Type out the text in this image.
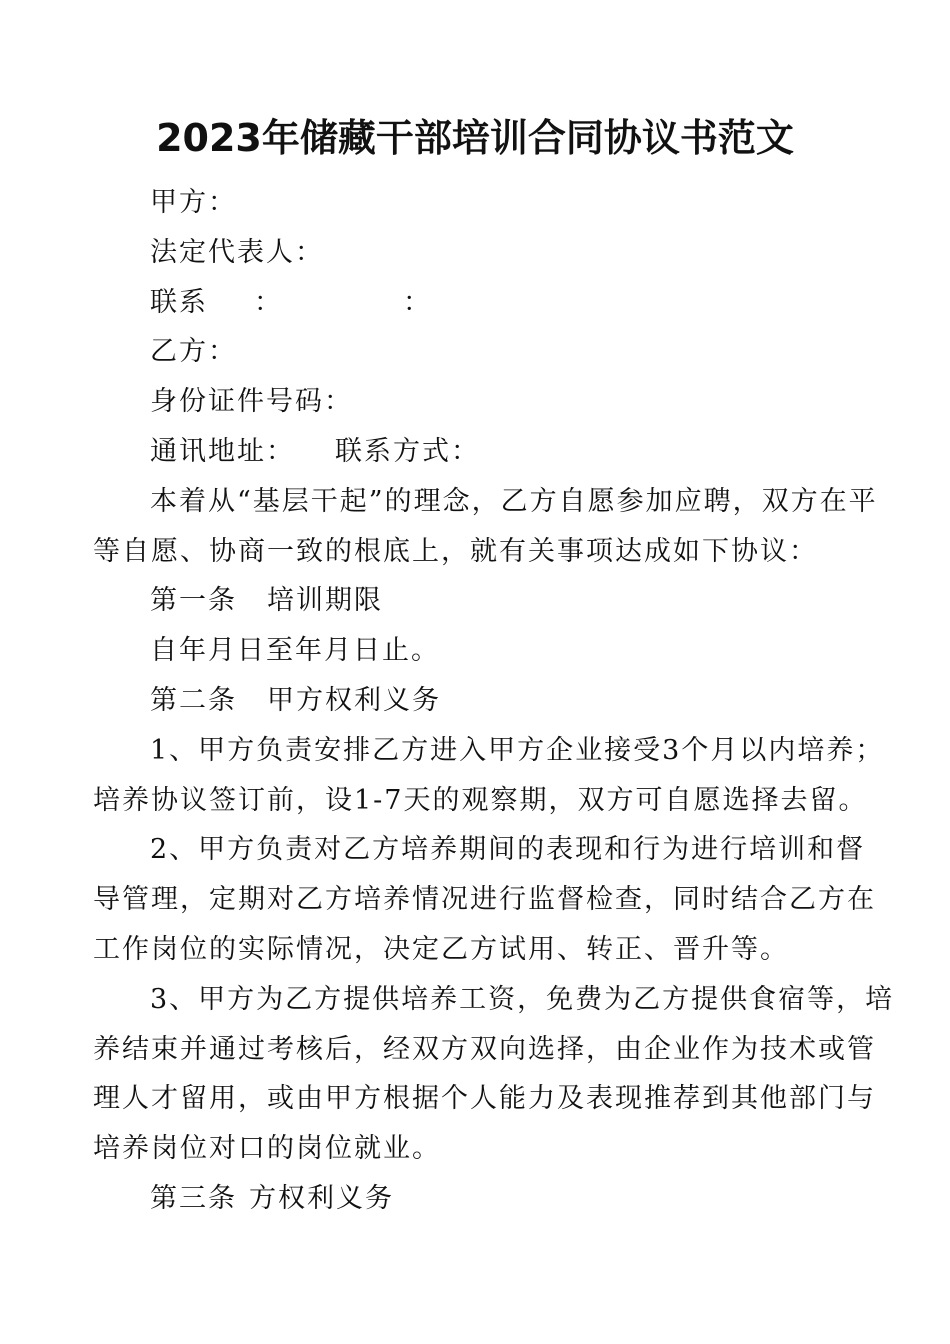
2023年储藏干部培训合同协议书范文
甲方：
法定代表人：
联系 ：	：
乙方：
身份证件号码：
通讯地址： 联系方式：
本着从“基层干起”的理念，乙方自愿参加应聘，双方在平
等自愿、协商一致的根底上，就有关事项达成如下协议：
第一条 培训期限
自年月日至年月日止。
第二条 甲方权利义务
1、甲方负责安排乙方进入甲方企业接受3个月以内培养；
培养协议签订前，设1-7天的观察期，双方可自愿选择去留。
2、甲方负责对乙方培养期间的表现和行为进行培训和督
导管理，定期对乙方培养情况进行监督检查，同时结合乙方在
工作岗位的实际情况，决定乙方试用、转正、晋升等。
3、甲方为乙方提供培养工资，免费为乙方提供食宿等，培
养结束并通过考核后，经双方双向选择，由企业作为技术或管
理人才留用，或由甲方根据个人能力及表现推荐到其他部门与
培养岗位对口的岗位就业。
第三条 方权利义务
